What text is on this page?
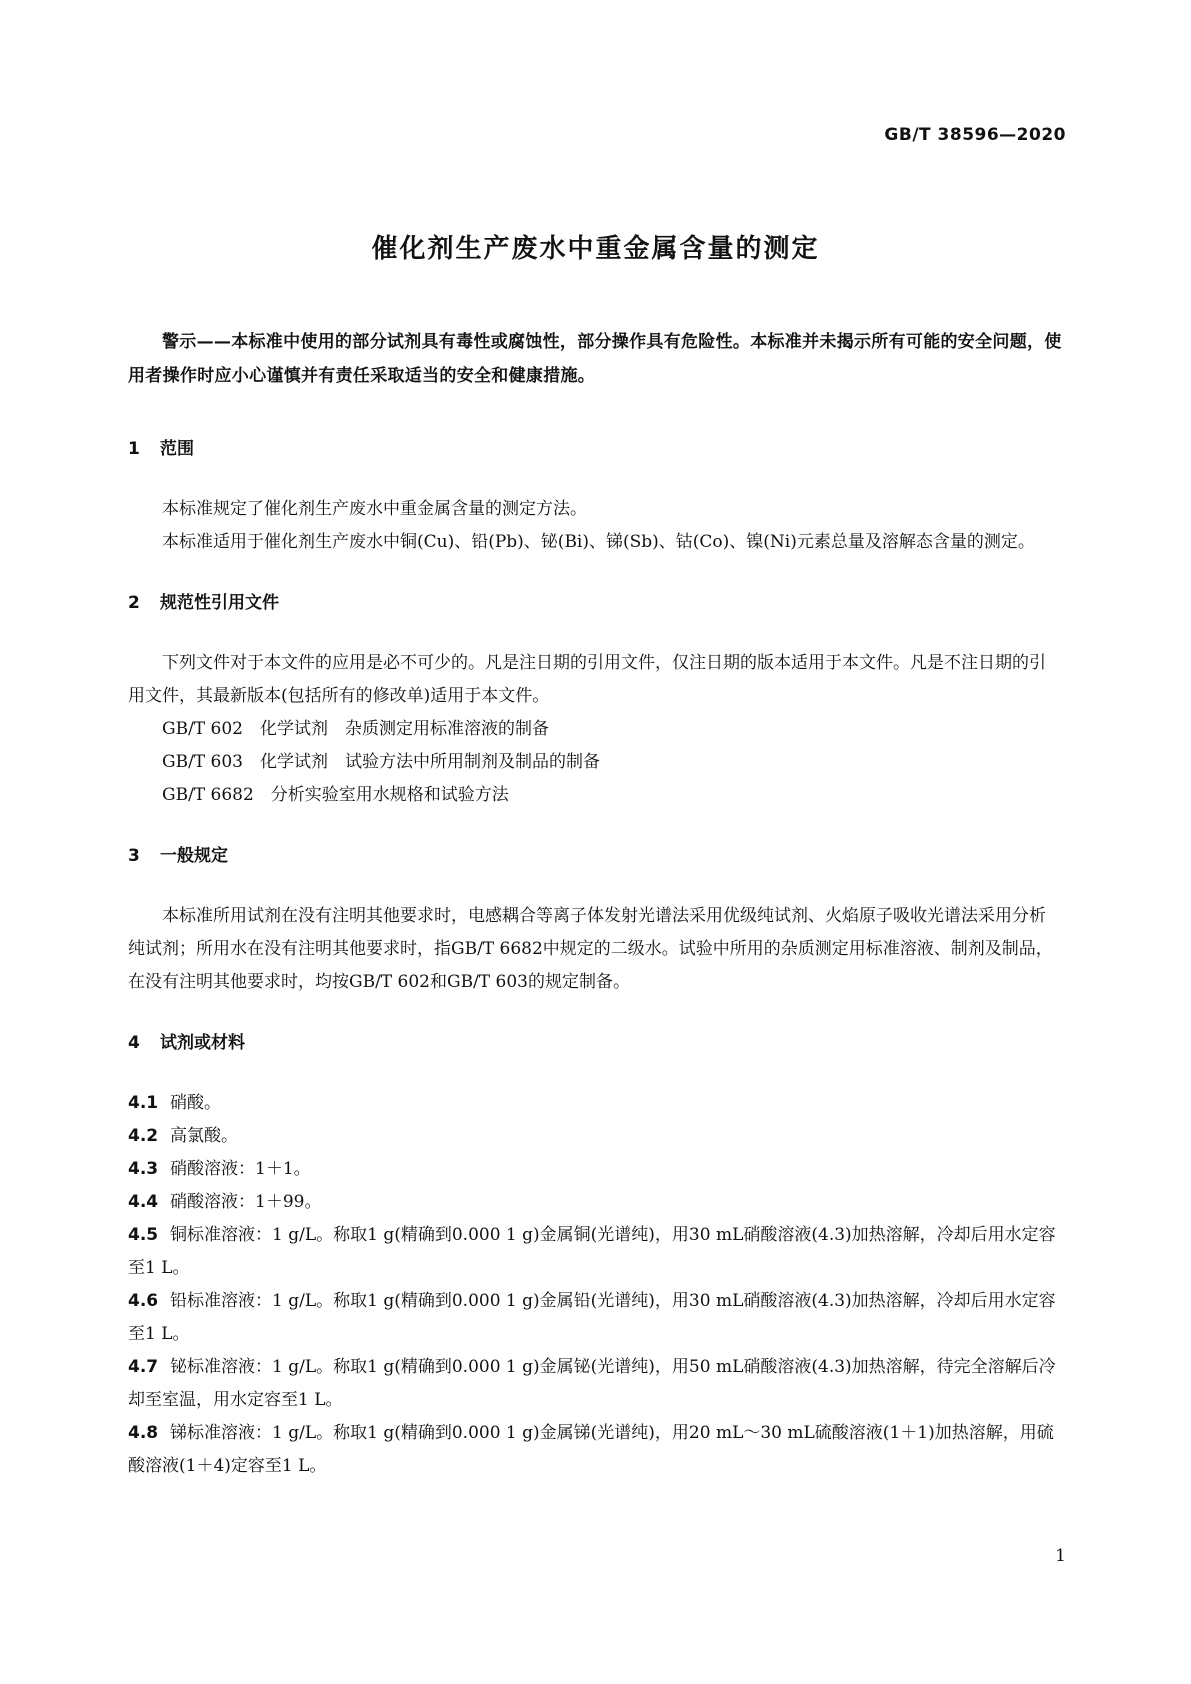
GB/T 38596—2020
催化剂生产废水中重金属含量的测定

警示——本标准中使用的部分试剂具有毒性或腐蚀性，部分操作具有危险性。本标准并未揭示所有可能的安全问题，使用者操作时应小心谨慎并有责任采取适当的安全和健康措施。

1 范围

本标准规定了催化剂生产废水中重金属含量的测定方法。

本标准适用于催化剂生产废水中铜(Cu)、铅(Pb)、铋(Bi)、锑(Sb)、钴(Co)、镍(Ni)元素总量及溶解态含量的测定。

2 规范性引用文件

下列文件对于本文件的应用是必不可少的。凡是注日期的引用文件，仅注日期的版本适用于本文件。凡是不注日期的引用文件，其最新版本(包括所有的修改单)适用于本文件。

GB/T 602　化学试剂　杂质测定用标准溶液的制备

GB/T 603　化学试剂　试验方法中所用制剂及制品的制备

GB/T 6682　分析实验室用水规格和试验方法

3 一般规定

本标准所用试剂在没有注明其他要求时，电感耦合等离子体发射光谱法采用优级纯试剂、火焰原子吸收光谱法采用分析纯试剂；所用水在没有注明其他要求时，指GB/T 6682中规定的二级水。试验中所用的杂质测定用标准溶液、制剂及制品，在没有注明其他要求时，均按GB/T 602和GB/T 603的规定制备。

4 试剂或材料

4.1 硝酸。

4.2 高氯酸。

4.3 硝酸溶液：1＋1。

4.4 硝酸溶液：1＋99。

4.5 铜标准溶液：1 g/L。称取1 g(精确到0.000 1 g)金属铜(光谱纯)，用30 mL硝酸溶液(4.3)加热溶解，冷却后用水定容至1 L。

4.6 铅标准溶液：1 g/L。称取1 g(精确到0.000 1 g)金属铅(光谱纯)，用30 mL硝酸溶液(4.3)加热溶解，冷却后用水定容至1 L。

4.7 铋标准溶液：1 g/L。称取1 g(精确到0.000 1 g)金属铋(光谱纯)，用50 mL硝酸溶液(4.3)加热溶解，待完全溶解后冷却至室温，用水定容至1 L。

4.8 锑标准溶液：1 g/L。称取1 g(精确到0.000 1 g)金属锑(光谱纯)，用20 mL～30 mL硫酸溶液(1＋1)加热溶解，用硫酸溶液(1＋4)定容至1 L。

1
